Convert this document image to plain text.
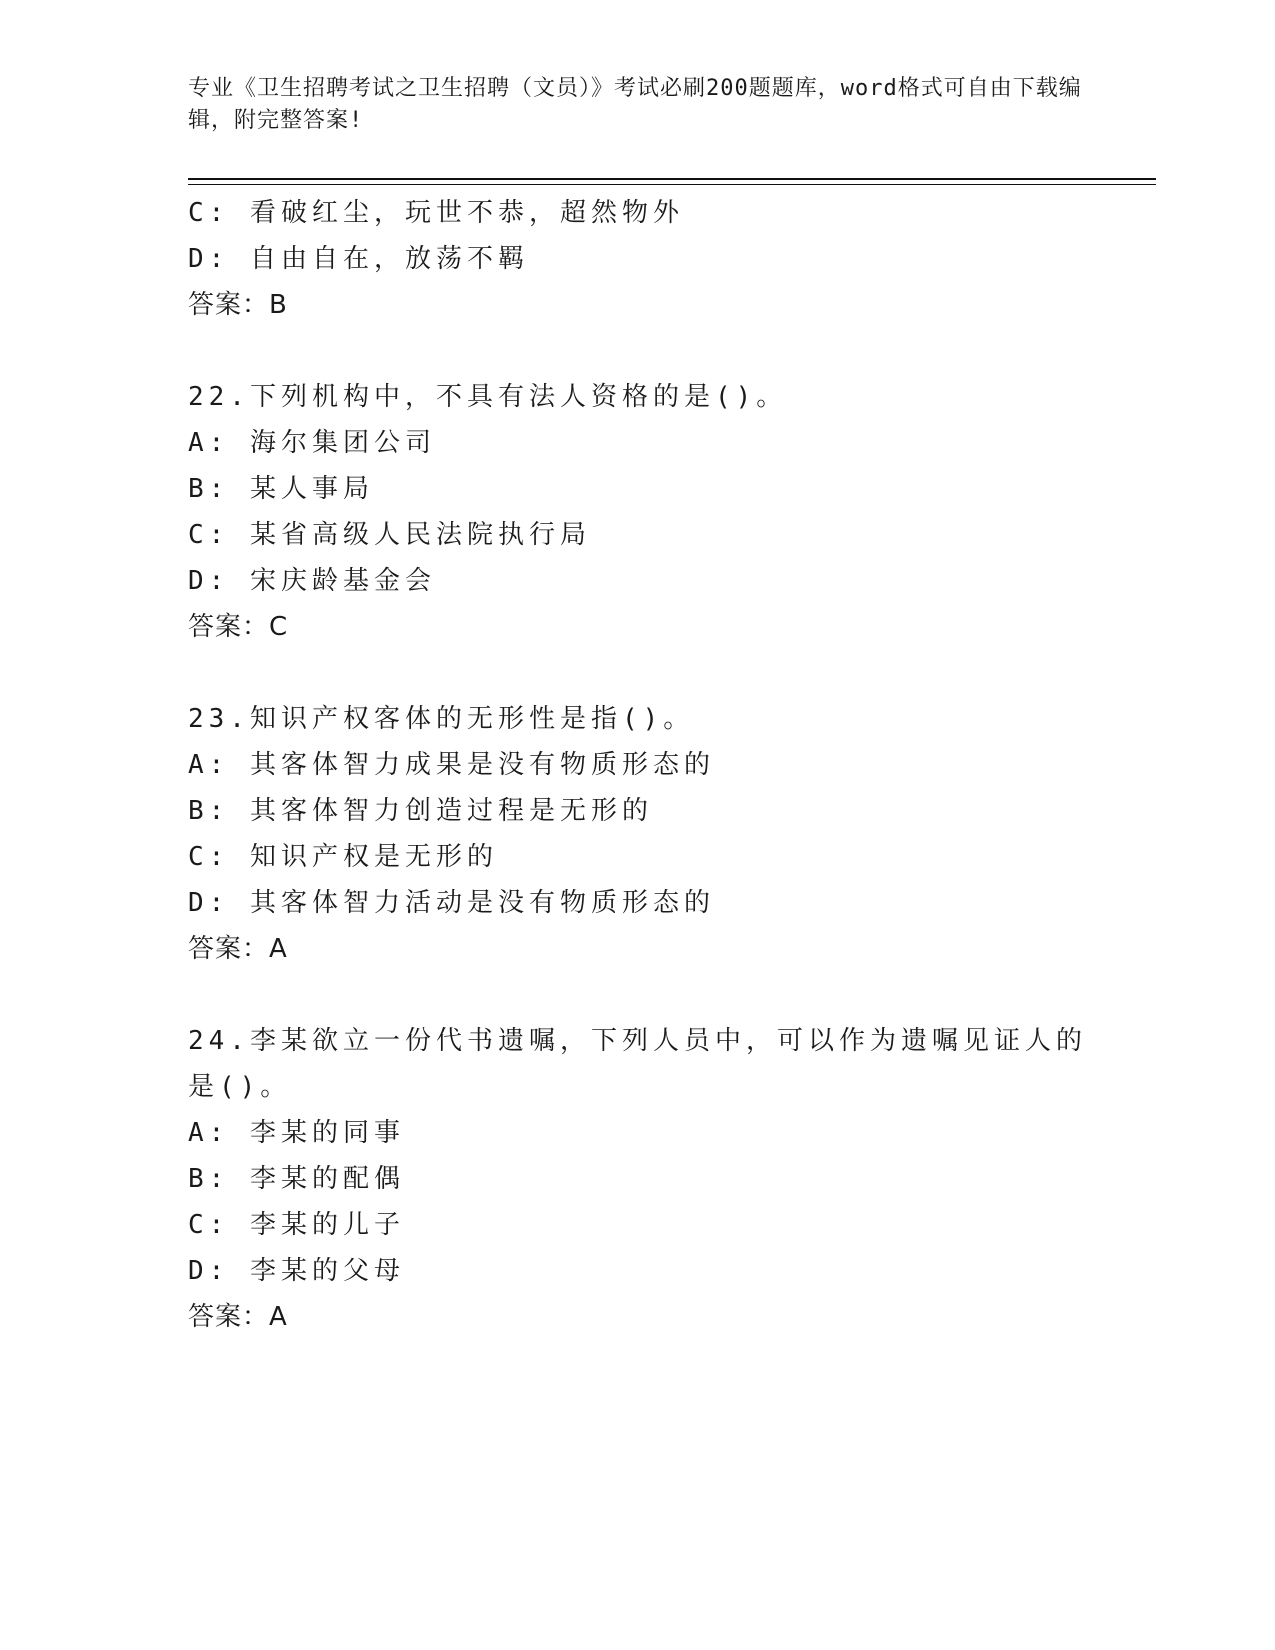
专业《卫生招聘考试之卫生招聘（文员）》考试必刷200题题库，word格式可自由下载编辑，附完整答案!
C: 看破红尘，玩世不恭，超然物外
D: 自由自在，放荡不羁
答案：B
22.下列机构中，不具有法人资格的是()。
A: 海尔集团公司
B: 某人事局
C: 某省高级人民法院执行局
D: 宋庆龄基金会
答案：C
23.知识产权客体的无形性是指()。
A: 其客体智力成果是没有物质形态的
B: 其客体智力创造过程是无形的
C: 知识产权是无形的
D: 其客体智力活动是没有物质形态的
答案：A
24.李某欲立一份代书遗嘱，下列人员中，可以作为遗嘱见证人的是()。
A: 李某的同事
B: 李某的配偶
C: 李某的儿子
D: 李某的父母
答案：A
